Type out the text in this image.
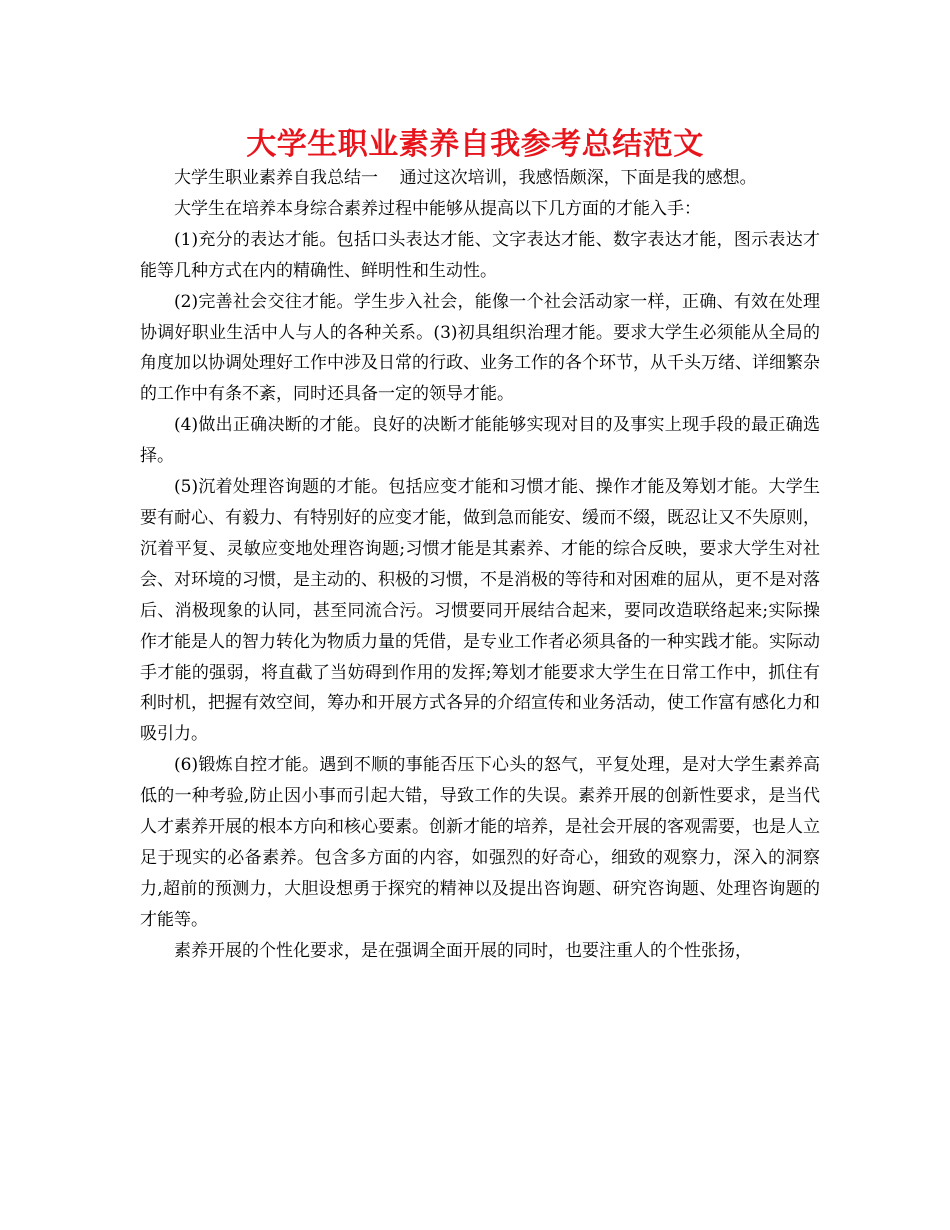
大学生职业素养自我参考总结范文

大学生职业素养自我总结一    通过这次培训，我感悟颇深，下面是我的感想。

大学生在培养本身综合素养过程中能够从提高以下几方面的才能入手：

(1)充分的表达才能。包括口头表达才能、文字表达才能、数字表达才能，图示表达才能等几种方式在内的精确性、鲜明性和生动性。

(2)完善社会交往才能。学生步入社会，能像一个社会活动家一样，正确、有效在处理协调好职业生活中人与人的各种关系。(3)初具组织治理才能。要求大学生必须能从全局的角度加以协调处理好工作中涉及日常的行政、业务工作的各个环节，从千头万绪、详细繁杂的工作中有条不紊，同时还具备一定的领导才能。

(4)做出正确决断的才能。良好的决断才能能够实现对目的及事实上现手段的最正确选择。

(5)沉着处理咨询题的才能。包括应变才能和习惯才能、操作才能及筹划才能。大学生要有耐心、有毅力、有特别好的应变才能，做到急而能安、缓而不缀，既忍让又不失原则，沉着平复、灵敏应变地处理咨询题;习惯才能是其素养、才能的综合反映，要求大学生对社会、对环境的习惯，是主动的、积极的习惯，不是消极的等待和对困难的屈从，更不是对落后、消极现象的认同，甚至同流合污。习惯要同开展结合起来，要同改造联络起来;实际操作才能是人的智力转化为物质力量的凭借，是专业工作者必须具备的一种实践才能。实际动手才能的强弱，将直截了当妨碍到作用的发挥;筹划才能要求大学生在日常工作中，抓住有利时机，把握有效空间，筹办和开展方式各异的介绍宣传和业务活动，使工作富有感化力和吸引力。

(6)锻炼自控才能。遇到不顺的事能否压下心头的怒气，平复处理，是对大学生素养高低的一种考验,防止因小事而引起大错，导致工作的失误。素养开展的创新性要求，是当代人才素养开展的根本方向和核心要素。创新才能的培养，是社会开展的客观需要，也是人立足于现实的必备素养。包含多方面的内容，如强烈的好奇心，细致的观察力，深入的洞察力,超前的预测力，大胆设想勇于探究的精神以及提出咨询题、研究咨询题、处理咨询题的才能等。

素养开展的个性化要求，是在强调全面开展的同时，也要注重人的个性张扬，
